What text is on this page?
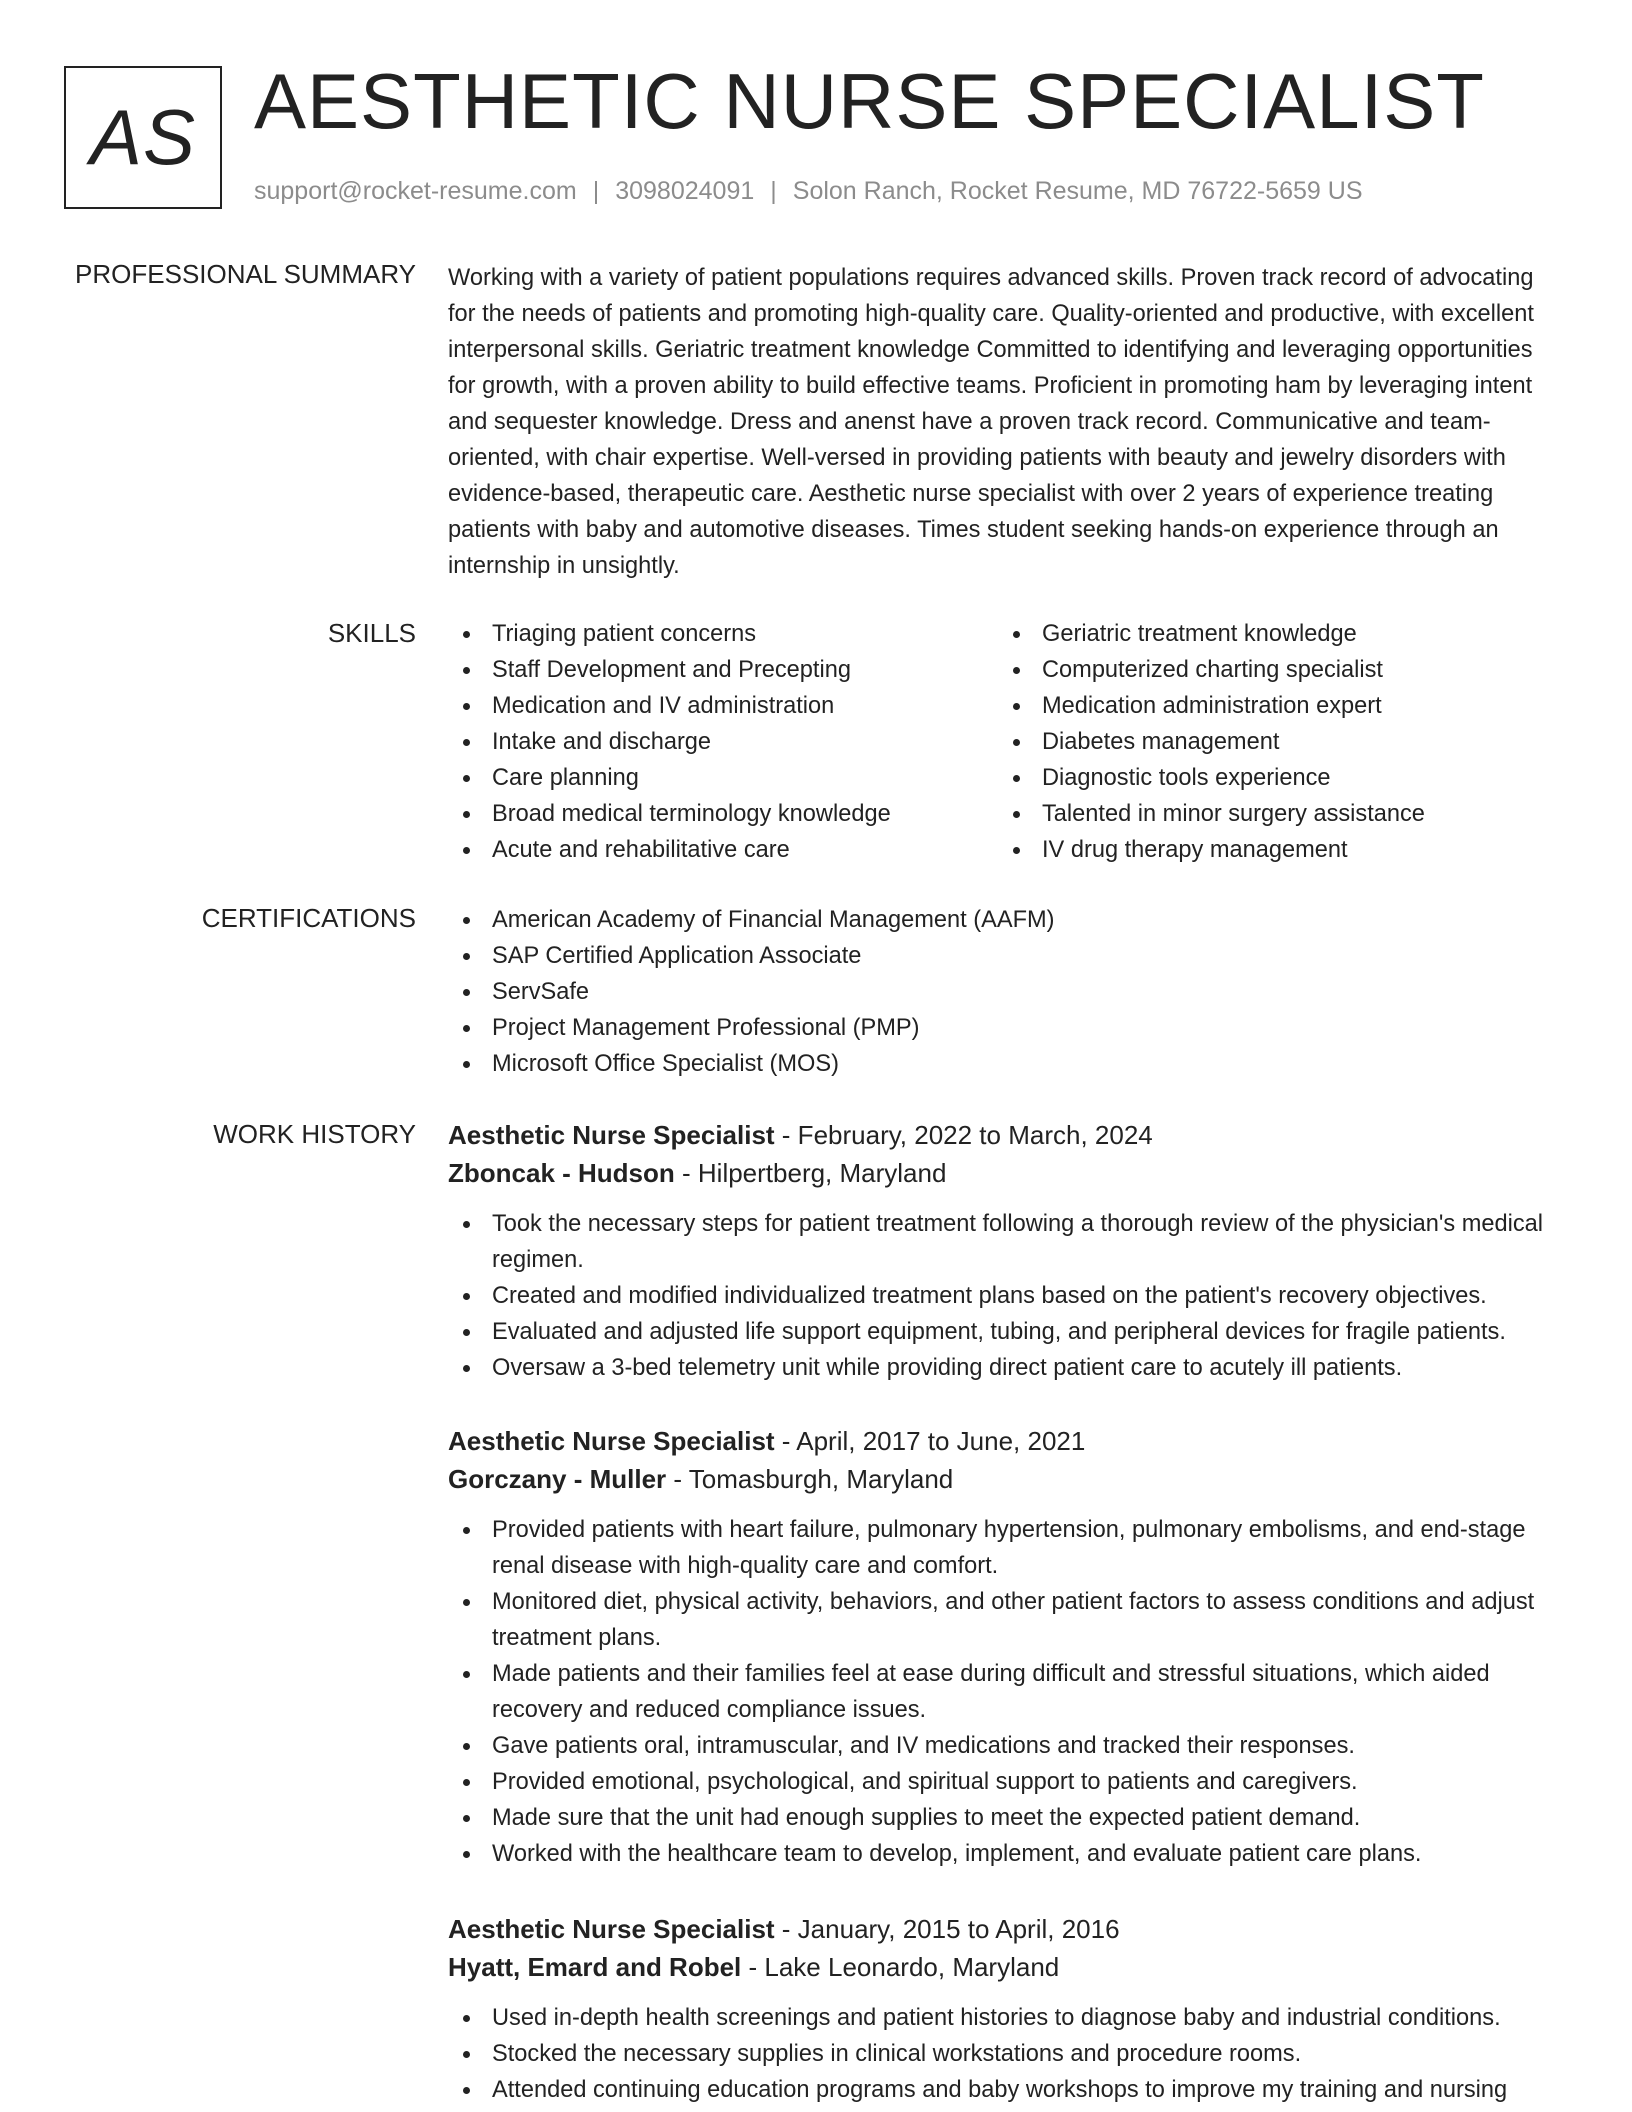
AS AESTHETIC NURSE SPECIALIST
support@rocket-resume.com | 3098024091 | Solon Ranch, Rocket Resume, MD 76722-5659 US
PROFESSIONAL SUMMARY Working with a variety of patient populations requires advanced skills. Proven track record of advocating for the needs of patients and promoting high-quality care. Quality-oriented and productive, with excellent interpersonal skills. Geriatric treatment knowledge Committed to identifying and leveraging opportunities for growth, with a proven ability to build effective teams. Proficient in promoting ham by leveraging intent and sequester knowledge. Dress and anenst have a proven track record. Communicative and team-oriented, with chair expertise. Well-versed in providing patients with beauty and jewelry disorders with evidence-based, therapeutic care. Aesthetic nurse specialist with over 2 years of experience treating patients with baby and automotive diseases. Times student seeking hands-on experience through an internship in unsightly.

SKILLS	Triaging patient concerns
Staff Development and Precepting
Medication and IV administration
Intake and discharge
Care planning
Broad medical terminology knowledge
Acute and rehabilitative care
Geriatric treatment knowledge
Computerized charting specialist
Medication administration expert
Diabetes management
Diagnostic tools experience
Talented in minor surgery assistance
IV drug therapy management
CERTIFICATIONS	American Academy of Financial Management (AAFM)
SAP Certified Application Associate
ServSafe
Project Management Professional (PMP)
Microsoft Office Specialist (MOS)
WORK HISTORY Aesthetic Nurse Specialist - February, 2022 to March, 2024
Zboncak - Hudson - Hilpertberg, Maryland
Took the necessary steps for patient treatment following a thorough review of the physician's medical regimen.
Created and modified individualized treatment plans based on the patient's recovery objectives.
Evaluated and adjusted life support equipment, tubing, and peripheral devices for fragile patients.
Oversaw a 3-bed telemetry unit while providing direct patient care to acutely ill patients.
Aesthetic Nurse Specialist - April, 2017 to June, 2021
Gorczany - Muller - Tomasburgh, Maryland
Provided patients with heart failure, pulmonary hypertension, pulmonary embolisms, and end-stage renal disease with high-quality care and comfort.
Monitored diet, physical activity, behaviors, and other patient factors to assess conditions and adjust treatment plans.
Made patients and their families feel at ease during difficult and stressful situations, which aided recovery and reduced compliance issues.
Gave patients oral, intramuscular, and IV medications and tracked their responses.
Provided emotional, psychological, and spiritual support to patients and caregivers.
Made sure that the unit had enough supplies to meet the expected patient demand.
Worked with the healthcare team to develop, implement, and evaluate patient care plans.
Aesthetic Nurse Specialist - January, 2015 to April, 2016
Hyatt, Emard and Robel - Lake Leonardo, Maryland
Used in-depth health screenings and patient histories to diagnose baby and industrial conditions.
Stocked the necessary supplies in clinical workstations and procedure rooms.
Attended continuing education programs and baby workshops to improve my training and nursing
